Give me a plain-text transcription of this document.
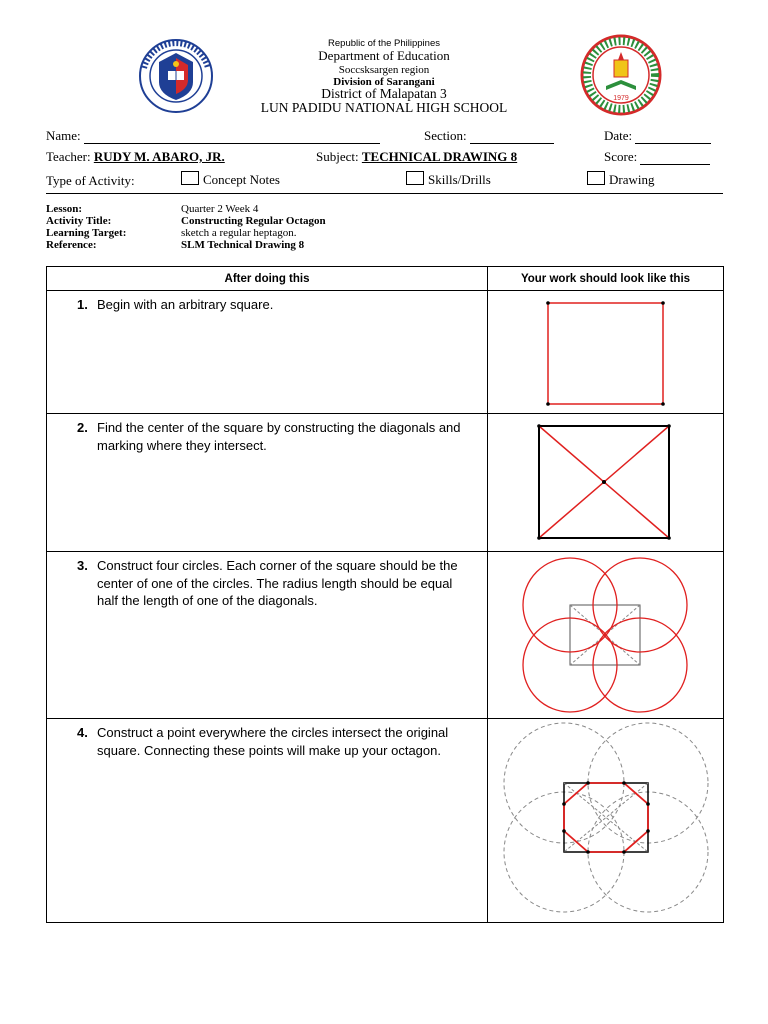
1979
Republic of the Philippines
Department of Education
Soccsksargen region
Division of Sarangani
District of Malapatan 3
LUN PADIDU NATIONAL HIGH SCHOOL
Name:	Section:	Date:
Teacher: RUDY M. ABARO, JR.	Subject: TECHNICAL DRAWING 8	Score:
Type of Activity:	Concept Notes	Skills/Drills	Drawing
Lesson:	Quarter 2 Week 4
Activity Title:	Constructing Regular Octagon
Learning Target:	sketch a regular heptagon.
Reference:	SLM Technical Drawing 8
After doing this	Your work should look like this

1. Begin with an arbitrary square.

2. Find the center of the square by constructing the diagonals and marking where they intersect.

3. Construct four circles. Each corner of the square should be the center of one of the circles. The radius length should be equal half the length of one of the diagonals.

4. Construct a point everywhere the circles intersect the original square. Connecting these points will make up your octagon.
